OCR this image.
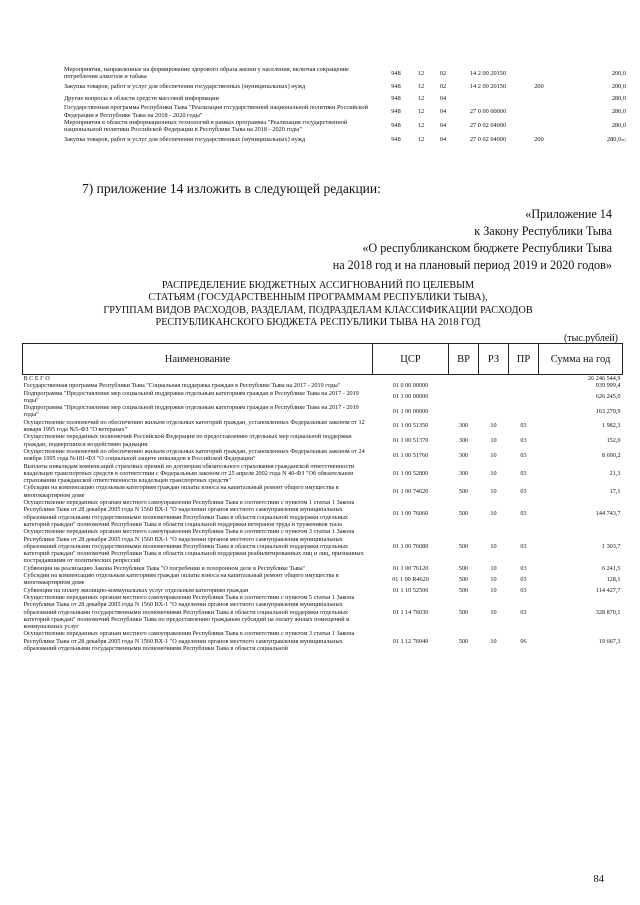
Мероприятия, направленные на формирование здорового образа жизни у населения, включая сокращение потребления алкоголя и табака	948	12	02	14 2 00 20150		200,0
Закупка товаров, работ и услуг для обеспечения государственных (муниципальных) нужд	948	12	02	14 2 00 20150	200	200,0
Другие вопросы в области средств массовой информации	948	12	04			280,0
Государственная программа Республики Тыва "Реализация государственной национальной политики Российской Федерации в Республике Тыва на 2018 - 2020 годы"	948	12	04	27 0 00 00000		280,0
Мероприятия в области информационных технологий в рамках программы "Реализация государственной национальной политики Российской Федерации в Республике Тыва на 2018 - 2020 годы"	948	12	04	27 0 02 04000		280,0
Закупка товаров, работ и услуг для обеспечения государственных (муниципальных) нужд	948	12	04	27 0 02 04000	200	280,0»;
7) приложение 14 изложить в следующей редакции:
«Приложение 14
к Закону Республики Тыва
«О республиканском бюджете Республики Тыва
на 2018 год и на плановый период 2019 и 2020 годов»
РАСПРЕДЕЛЕНИЕ БЮДЖЕТНЫХ АССИГНОВАНИЙ ПО ЦЕЛЕВЫМ
СТАТЬЯМ (ГОСУДАРСТВЕННЫМ ПРОГРАММАМ РЕСПУБЛИКИ ТЫВА),
ГРУППАМ ВИДОВ РАСХОДОВ, РАЗДЕЛАМ, ПОДРАЗДЕЛАМ КЛАССИФИКАЦИИ РАСХОДОВ
РЕСПУБЛИКАНСКОГО БЮДЖЕТА РЕСПУБЛИКИ ТЫВА НА 2018 ГОД
(тыс.рублей)
Наименование	ЦСР	ВР	РЗ	ПР	Сумма на год
В С Е Г О					26 246 544,9
Государственная программа Республики Тыва "Социальная поддержка граждан в Республике Тыва на 2017 - 2019 годы"	01 0 00 00000				939 999,4
Подпрограмма "Предоставление мер социальной поддержки отдельным категориям граждан в Республике Тыва на 2017 - 2019 годы"	01 1 00 00000				626 245,0
Подпрограмма "Предоставление мер социальной поддержки отдельным категориям граждан в Республике Тыва на 2017 - 2019 годы"	01 1 00 00000				163 279,9
Осуществление полномочий по обеспечению жильем отдельных категорий граждан, установленных Федеральным законом от 12 января 1995 года №5-ФЗ "О ветеранах"	01 1 00 51350	300	10	03	1 982,3
Осуществление переданных полномочий Российской Федерации по предоставлению отдельных мер социальной поддержки граждан, подвергшихся воздействию радиации	01 1 00 51370	300	10	03	152,0
Осуществление полномочий по обеспечению жильем отдельных категорий граждан, установленных Федеральным законом от 24 ноября 1995 года №181-ФЗ "О социальной защите инвалидов в Российской Федерации"	01 1 00 51760	300	10	03	8 690,2
Выплаты инвалидам компенсаций страховых премий по договорам обязательного страхования гражданской ответственности владельцев транспортных средств в соответствии с Федеральным законом от 25 апреля 2002 года N 40-ФЗ "Об обязательном страховании гражданской ответственности владельцев транспортных средств"	01 1 00 52800	300	10	03	21,3
Субсидии на компенсацию отдельным категориям граждан оплаты взноса на капитальный ремонт общего имущества в многоквартирном доме	01 1 00 74620	500	10	03	17,1
Осуществление переданных органам местного самоуправления Республики Тыва в соответствии с пунктом 1 статьи 1 Закона Республики Тыва от 28 декабря 2005 года N 1560 ВХ-1 "О наделении органов местного самоуправления муниципальных образований отдельными государственными полномочиями Республики Тыва в области социальной поддержки отдельных категорий граждан" полномочий Республики Тыва в области социальной поддержки ветеранов труда и тружеников тыла	01 1 00 76060	500	10	03	144 743,7
Осуществление переданных органам местного самоуправления Республики Тыва в соответствии с пунктом 3 статьи 1 Закона Республики Тыва от 28 декабря 2005 года N 1560 ВХ-1 "О наделении органов местного самоуправления муниципальных образований отдельными государственными полномочиями Республики Тыва в области социальной поддержки отдельных категорий граждан" полномочий Республики Тыва в области социальной поддержки реабилитированных лиц и лиц, признанных пострадавшими от политических репрессий	01 1 00 76080	500	10	03	1 303,7
Субвенция на реализацию Закона Республики Тыва "О погребении и похоронном деле в Республике Тыва"	01 1 00 76120	500	10	03	6 241,5
Субсидии на компенсацию отдельным категориям граждан оплаты взноса на капитальный ремонт общего имущества в многоквартирном доме	01 1 00 R4620	500	10	03	128,1
Субвенции на оплату жилищно-коммунальных услуг отдельным категориям граждан	01 1 10 52500	500	10	03	114 427,7
Осуществление переданных органам местного самоуправления Республики Тыва в соответствии с пунктом 5 статьи 1 Закона Республики Тыва от 28 декабря 2005 года N 1560 ВХ-1 "О наделении органов местного самоуправления муниципальных образований отдельными государственными полномочиями Республики Тыва в области социальной поддержки отдельных категорий граждан" полномочий Республики Тыва по предоставлению гражданам субсидий на оплату жилых помещений и коммунальных услуг	01 1 14 76030	500	10	03	328 870,1
Осуществление переданных органам местного самоуправления Республики Тыва в соответствии с пунктом 3 статьи 1 Закона Республики Тыва от 28 декабря 2005 года N 1560 ВХ-1 "О наделении органов местного самоуправления муниципальных образований отдельными государственными полномочиями Республики Тыва в области социальной	01 1 12 76040	500	10	06	19 667,3
84
